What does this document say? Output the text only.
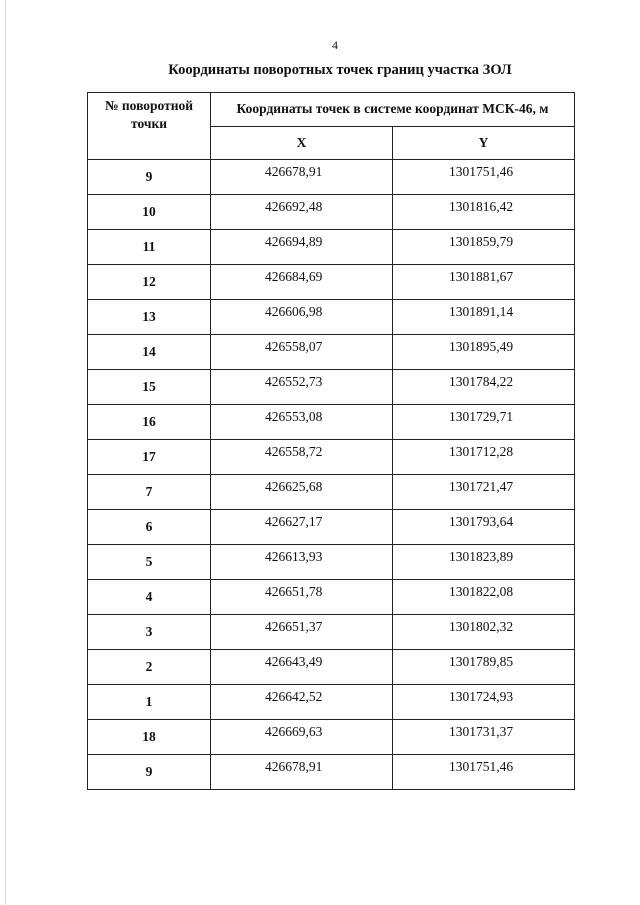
4
Координаты поворотных точек границ участка ЗОЛ
№ поворотной точки	Координаты точек в системе координат МСК-46, м	
	X	Y
9	426678,91	1301751,46
10	426692,48	1301816,42
11	426694,89	1301859,79
12	426684,69	1301881,67
13	426606,98	1301891,14
14	426558,07	1301895,49
15	426552,73	1301784,22
16	426553,08	1301729,71
17	426558,72	1301712,28
7	426625,68	1301721,47
6	426627,17	1301793,64
5	426613,93	1301823,89
4	426651,78	1301822,08
3	426651,37	1301802,32
2	426643,49	1301789,85
1	426642,52	1301724,93
18	426669,63	1301731,37
9	426678,91	1301751,46
